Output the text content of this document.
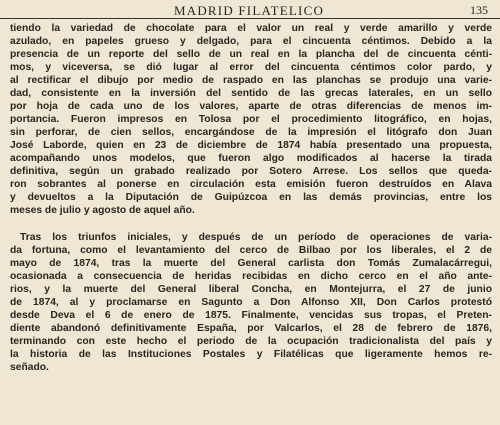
MADRID FILATELICO	135
tiendo la variedad de chocolate para el valor un real y verde amarillo y verde
azulado, en papeles grueso y delgado, para el cincuenta céntimos. Debido a la
presencia de un reporte del sello de un real en la plancha del de cincuenta cénti-
mos, y viceversa, se dió lugar al error del cincuenta céntimos color pardo, y
al rectificar el dibujo por medio de raspado en las planchas se produjo una varie-
dad, consistente en la inversión del sentido de las grecas laterales, en un sello
por hoja de cada uno de los valores, aparte de otras diferencias de menos im-
portancia. Fueron impresos en Tolosa por el procedimiento litográfico, en hojas,
sin perforar, de cien sellos, encargándose de la impresión el litógrafo don Juan
José Laborde, quien en 23 de diciembre de 1874 había presentado una propuesta,
acompañando unos modelos, que fueron algo modificados al hacerse la tirada
definitiva, según un grabado realizado por Sotero Arrese. Los sellos que queda-
ron sobrantes al ponerse en circulación esta emisión fueron destruídos en Alava
y devueltos a la Diputación de Guipúzcoa en las demás provincias, entre los
meses de julio y agosto de aquel año.
Tras los triunfos iniciales, y después de un período de operaciones de varia-
da fortuna, como el levantamiento del cerco de Bilbao por los liberales, el 2 de
mayo de 1874, tras la muerte del General carlista don Tomás Zumalacárregui,
ocasionada a consecuencia de heridas recibidas en dicho cerco en el año ante-
rios, y la muerte del General liberal Concha, en Montejurra, el 27 de junio
de 1874, al y proclamarse en Sagunto a Don Alfonso XII, Don Carlos protestó
desde Deva el 6 de enero de 1875. Finalmente, vencidas sus tropas, el Preten-
diente abandonó definitivamente España, por Valcarlos, el 28 de febrero de 1876,
terminando con este hecho el periodo de la ocupación tradicionalista del país y
la historia de las Instituciones Postales y Filatélicas que ligeramente hemos re-
señado.
